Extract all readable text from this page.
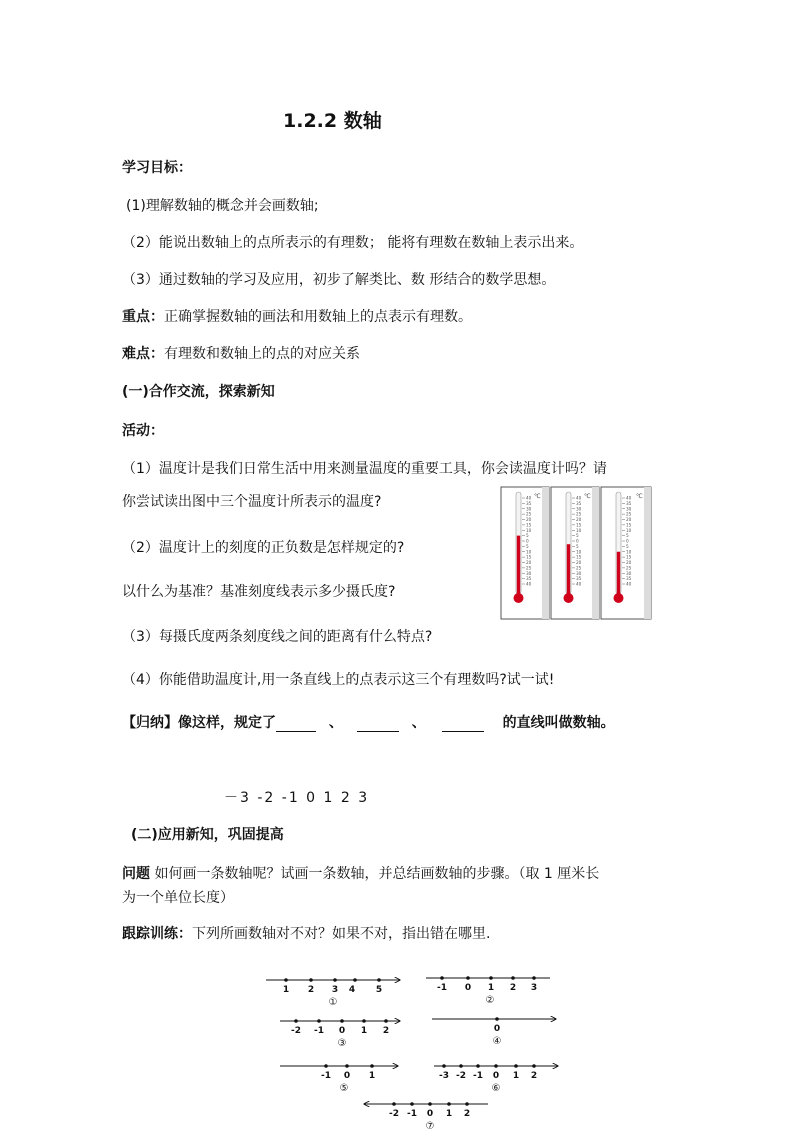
1.2.2 数轴
学习目标：
(1)理解数轴的概念并会画数轴;
（2）能说出数轴上的点所表示的有理数； 能将有理数在数轴上表示出来。
（3）通过数轴的学习及应用，初步了解类比、数 形结合的数学思想。
重点：正确掌握数轴的画法和用数轴上的点表示有理数。
难点：有理数和数轴上的点的对应关系
(一)合作交流，探索新知
活动：
（1）温度计是我们日常生活中用来测量温度的重要工具，你会读温度计吗？请
你尝试读出图中三个温度计所表示的温度?
（2）温度计上的刻度的正负数是怎样规定的?
以什么为基准？基准刻度线表示多少摄氏度?
（3）每摄氏度两条刻度线之间的距离有什么特点?
（4）你能借助温度计,用一条直线上的点表示这三个有理数吗?试一试!
40
35
30
25
20
15
10
5
0
5
10
15
20
25
30
35
40
℃	40
35
30
25
20
15
10
5
0
5
10
15
20
25
30
35
40
℃	40
35
30
25
20
15
10
5
0
5
10
15
20
25
30
35
40
℃
【归纳】像这样，规定了	、	、	的直线叫做数轴。
－3 -2 -1 0 1 2 3
(二)应用新知，巩固提高
问题 如何画一条数轴呢？试画一条数轴，并总结画数轴的步骤。（取 1 厘米长
为一个单位长度）
跟踪训练：下列所画数轴对不对？如果不对，指出错在哪里.
1 2 3 4 5
①
-1 0 1 2 3
②
-2 -1 0 1 2
③
0
④
-1 0 1
⑤
-3 -2 -1 0 1 2
⑥
-2 -1 0 1 2
⑦
